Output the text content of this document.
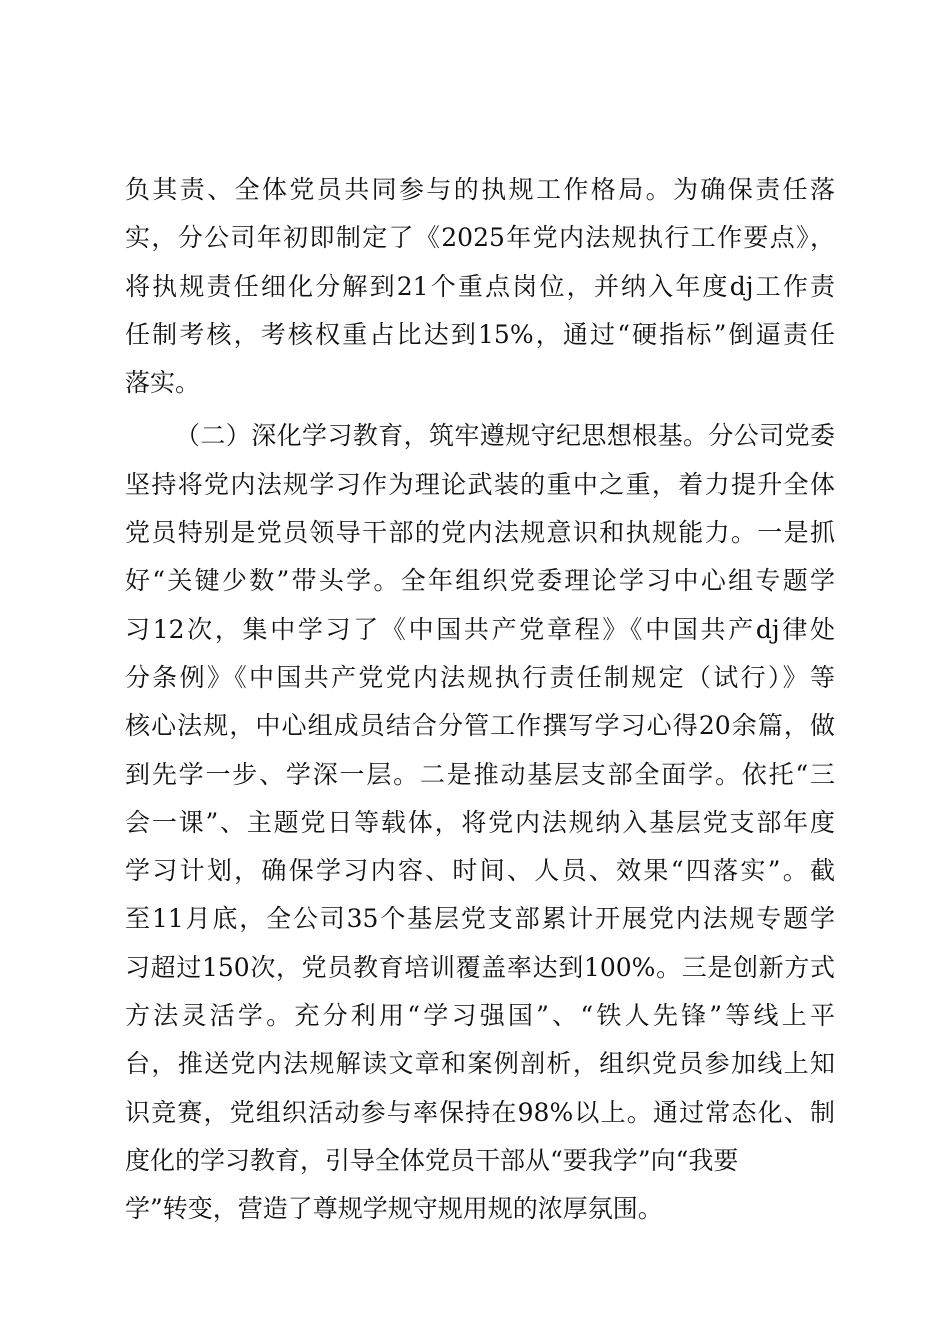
负其责、全体党员共同参与的执规工作格局。为确保责任落
实，分公司年初即制定了《2025年党内法规执行工作要点》，
将执规责任细化分解到21个重点岗位，并纳入年度dj工作责
任制考核，考核权重占比达到15%，通过“硬指标”倒逼责任
落实。
（二）深化学习教育，筑牢遵规守纪思想根基。分公司党委
坚持将党内法规学习作为理论武装的重中之重，着力提升全体
党员特别是党员领导干部的党内法规意识和执规能力。一是抓
好“关键少数”带头学。全年组织党委理论学习中心组专题学
习12次，集中学习了《中国共产党章程》《中国共产dj律处
分条例》《中国共产党党内法规执行责任制规定（试行）》等
核心法规，中心组成员结合分管工作撰写学习心得20余篇，做
到先学一步、学深一层。二是推动基层支部全面学。依托“三
会一课”、主题党日等载体，将党内法规纳入基层党支部年度
学习计划，确保学习内容、时间、人员、效果“四落实”。截
至11月底，全公司35个基层党支部累计开展党内法规专题学
习超过150次，党员教育培训覆盖率达到100%。三是创新方式
方法灵活学。充分利用“学习强国”、“铁人先锋”等线上平
台，推送党内法规解读文章和案例剖析，组织党员参加线上知
识竞赛，党组织活动参与率保持在98%以上。通过常态化、制
度化的学习教育，引导全体党员干部从“要我学”向“我要
学”转变，营造了尊规学规守规用规的浓厚氛围。
